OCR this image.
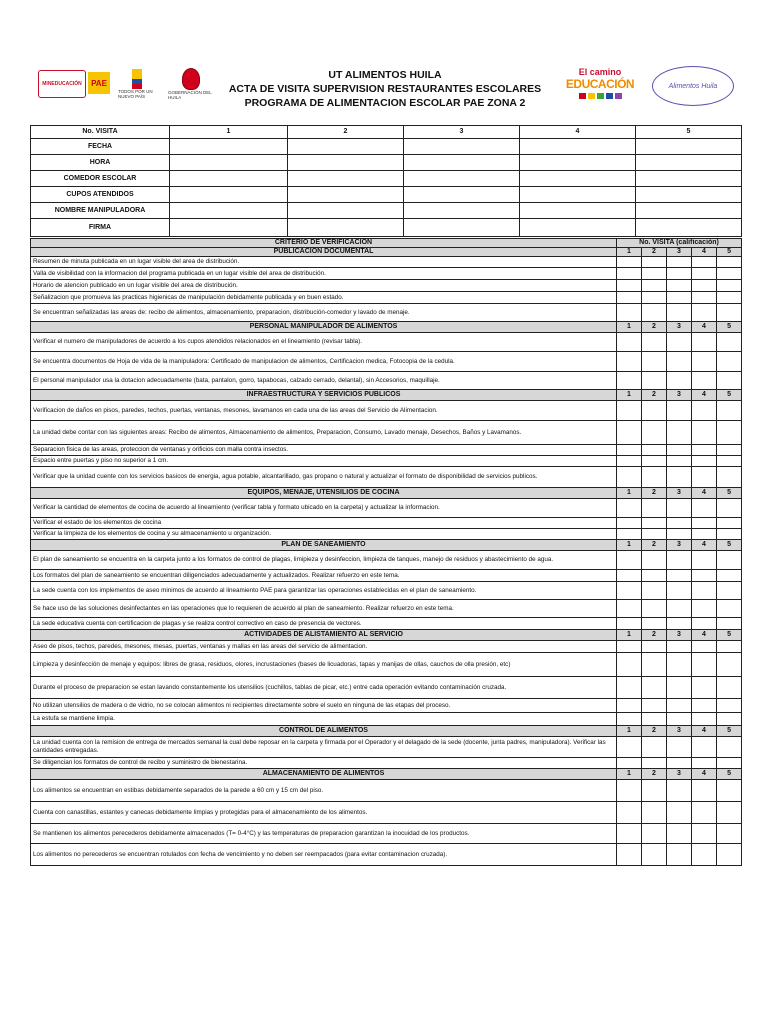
MINEDUCACIÓN PAE
TODOS POR UN NUEVO PAÍS
GOBERNACIÓN DEL HUILA
UT ALIMENTOS HUILA
ACTA DE VISITA SUPERVISION RESTAURANTES ESCOLARES
PROGRAMA DE ALIMENTACION ESCOLAR PAE ZONA 2
El camino
EDUCACIÓN	Alimentos Huila
No. VISITA	1	2	3	4	5
FECHA					
HORA					
COMEDOR ESCOLAR					
CUPOS ATENDIDOS					
NOMBRE MANIPULADORA					
FIRMA					
CRITERIO DE VERIFICACIÓN	No. VISITA (calificación)				
PUBLICACIÓN DOCUMENTAL	1	2	3	4	5
Resumen de minuta publicada en un lugar visible del area de distribución.					
Valla de visibilidad con la informacion del programa publicada en un lugar visible del area de distribución.					
Horario de atencion publicado en un lugar visible del area de distribución.					
Señalizacion que promueva las practicas higienicas de manipulación debidamente publicada y en buen estado.					
Se encuentran señalizadas las areas de: recibo de alimentos, almacenamiento, preparacion, distribución-comedor y lavado de menaje.					
PERSONAL MANIPULADOR DE ALIMENTOS	1	2	3	4	5
Verificar el numero de manipuladores de acuerdo a los cupos atendidos relacionados en el lineamiento (revisar tabla).					
Se encuentra documentos de Hoja de vida de la manipuladora: Certificado de manipulacion de alimentos, Certificacion medica, Fotocopia de la cedula.					
El personal manipulador usa la dotacion adecuadamente (bata, pantalon, gorro, tapabocas, calzado cerrado, delantal), sin Accesorios, maquillaje.					
INFRAESTRUCTURA Y SERVICIOS PUBLICOS	1	2	3	4	5
Verificacion de daños en pisos, paredes, techos, puertas, ventanas, mesones, lavamanos en cada una de las areas del Servicio de Alimentacion.					
La unidad debe contar con las siguientes areas: Recibo de alimentos, Almacenamiento de alimentos, Preparacion, Consumo, Lavado menaje, Desechos, Baños y Lavamanos.					
Separacion fisica de las areas, proteccion de ventanas y orificios con malla contra insectos.					
Espacio entre puertas y piso no superior a 1 cm.					
Verificar que la unidad cuente con los servicios basicos de energia, agua potable, alcantarillado, gas propano o natural y actualizar el formato de disponibilidad de servicios publicos.					
EQUIPOS, MENAJE, UTENSILIOS DE COCINA	1	2	3	4	5
Verificar la cantidad de elementos de cocina de acuerdo al lineamiento (verificar tabla y formato ubicado en la carpeta) y actualizar la informacion.					
Verificar el estado de los elementos de cocina					
Verificar la limpieza de los elementos de cocina y su almacenamiento u organización.					
PLAN DE SANEAMIENTO	1	2	3	4	5
El plan de saneamiento se encuentra en la carpeta junto a los formatos de control de plagas, limipieza y desinfeccion, limpieza de tanques, manejo de residuos y abastecimiento de agua.					
Los formatos del plan de saneamiento se encuentran diligenciados adecuadamente y actualizados. Realizar refuerzo en este tema.					
La sede cuenta con los implementos de aseo minimos de acuerdo al lineamiento PAE para garantizar las operaciones establecidas en el plan de saneamiento.					
Se hace uso de las soluciones desinfectantes en las operaciones que lo requieren de acuerdo al plan de saneamiento. Realizar refuerzo en este tema.					
La sede educativa cuenta con certificacion de plagas y se realiza control correctivo en caso de presencia de vectores.					
ACTIVIDADES DE ALISTAMIENTO AL SERVICIO	1	2	3	4	5
Aseo de pisos, techos, paredes, mesones, mesas, puertas, ventanas y mallas en las areas del servicio de alimentacion.					
Limpieza y desinfección de menaje y equipos: libres de grasa, residuos, olores, incrustaciones (bases de licuadoras, tapas y manijas de ollas, cauchos de olla presión, etc)					
Durante el proceso de preparacion se estan lavando constantemente los utensilios (cuchillos, tablas de picar, etc.) entre cada operación evitando contaminación cruzada.					
No utilizan utensilios de madera o de vidrio, no se colocan alimentos ni recipientes directamente sobre el suelo en ninguna de las etapas del proceso.					
La estufa se mantiene limpia.					
CONTROL DE ALIMENTOS	1	2	3	4	5
La unidad cuenta con la remision de entrega de mercados semanal la cual debe reposar en la carpeta y firmada por el Operador y el delagado de la sede (docente, junta padres, manipuladora). Verificar las cantidades entregadas.					
Se diligencian los formatos de control de recibo y suministro de bienestarina.					
ALMACENAMIENTO DE ALIMENTOS	1	2	3	4	5
Los alimentos se encuentran en estibas debidamente separados de la parede a 60 cm y 15 cm del piso.					
Cuenta con canastillas, estantes y canecas debidamente limpias y protegidas para el almacenamiento de los alimentos.					
Se mantienen los alimentos perecederos debidamente almacenados (T= 0-4°C) y las temperaturas de preparacion garantizan la inocuidad de los productos.					
Los alimentos no perecederos se encuentran rotulados con fecha de vencimiento y no deben ser reempacados (para evitar contaminacion cruzada).					
